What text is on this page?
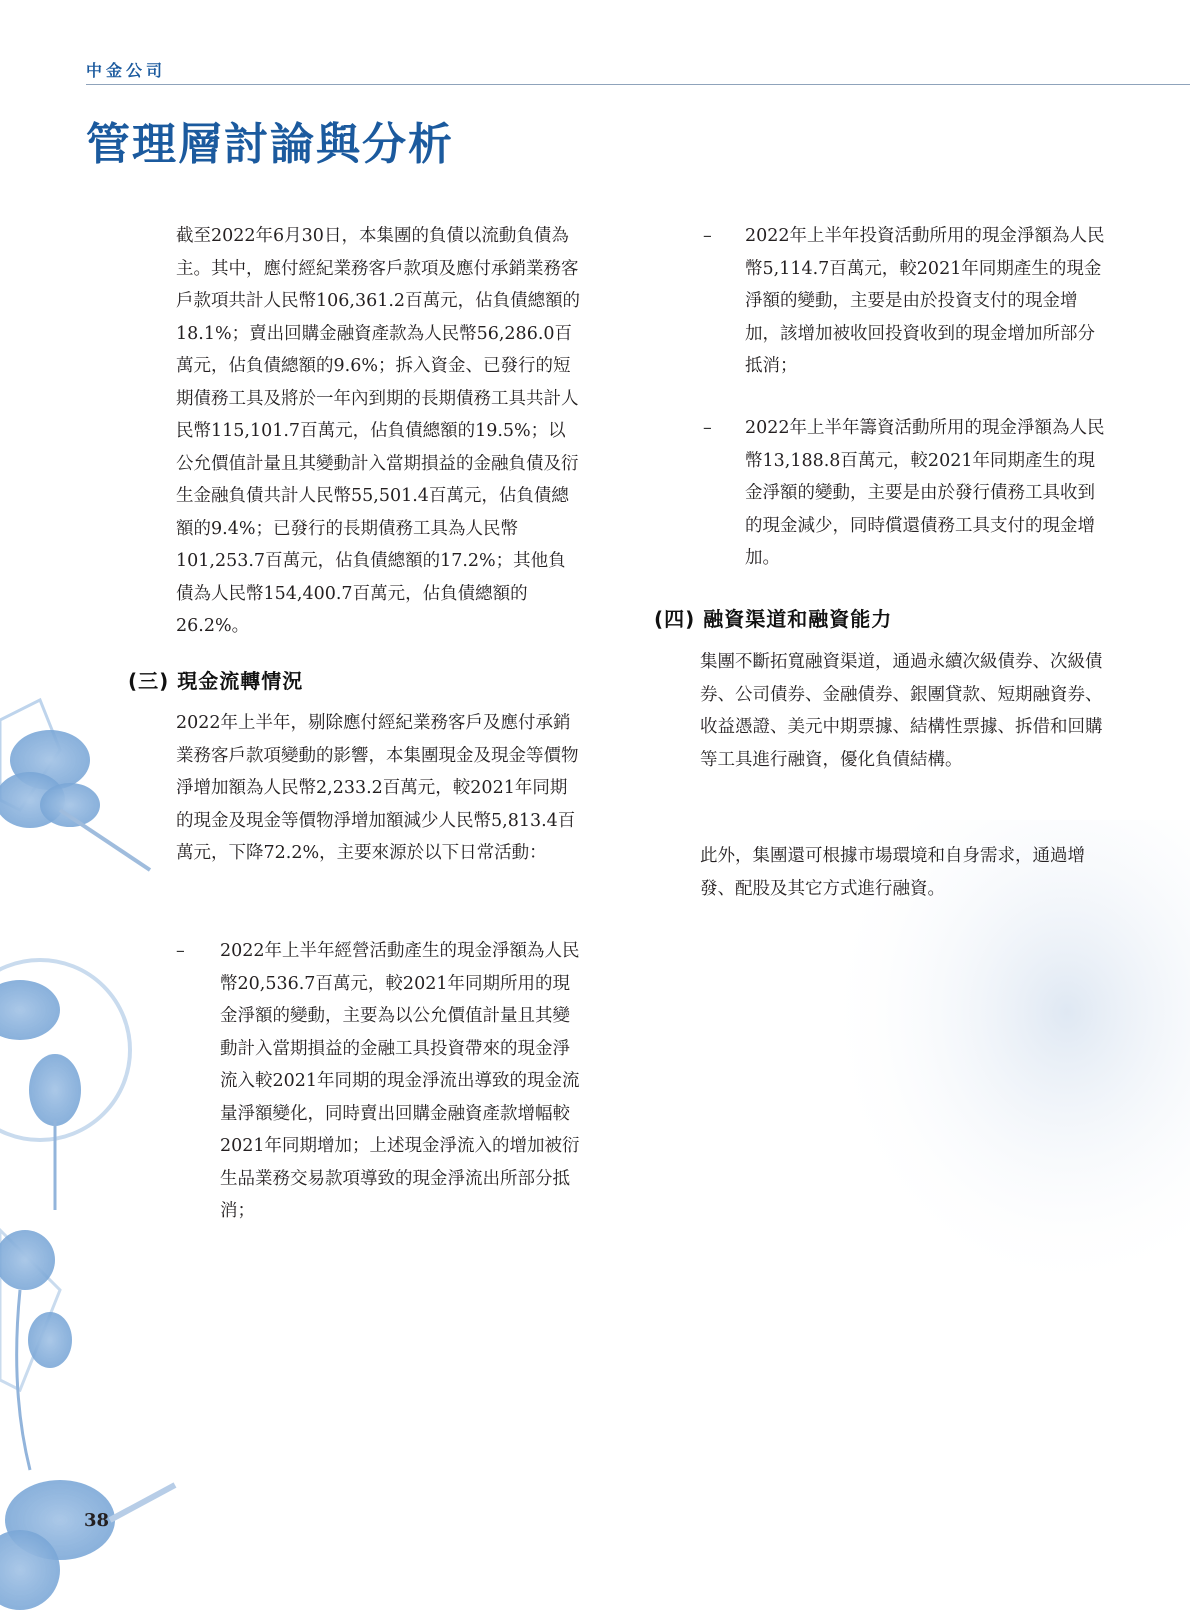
中金公司
管理層討論與分析

截至2022年6月30日，本集團的負債以流動負債為主。其中，應付經紀業務客戶款項及應付承銷業務客戶款項共計人民幣106,361.2百萬元，佔負債總額的18.1%；賣出回購金融資產款為人民幣56,286.0百萬元，佔負債總額的9.6%；拆入資金、已發行的短期債務工具及將於一年內到期的長期債務工具共計人民幣115,101.7百萬元，佔負債總額的19.5%；以公允價值計量且其變動計入當期損益的金融負債及衍生金融負債共計人民幣55,501.4百萬元，佔負債總額的9.4%；已發行的長期債務工具為人民幣101,253.7百萬元，佔負債總額的17.2%；其他負債為人民幣154,400.7百萬元，佔負債總額的26.2%。

(三) 現金流轉情況

2022年上半年，剔除應付經紀業務客戶及應付承銷業務客戶款項變動的影響，本集團現金及現金等價物淨增加額為人民幣2,233.2百萬元，較2021年同期的現金及現金等價物淨增加額減少人民幣5,813.4百萬元，下降72.2%，主要來源於以下日常活動：

– 2022年上半年經營活動產生的現金淨額為人民幣20,536.7百萬元，較2021年同期所用的現金淨額的變動，主要為以公允價值計量且其變動計入當期損益的金融工具投資帶來的現金淨流入較2021年同期的現金淨流出導致的現金流量淨額變化，同時賣出回購金融資產款增幅較2021年同期增加；上述現金淨流入的增加被衍生品業務交易款項導致的現金淨流出所部分抵消；
– 2022年上半年投資活動所用的現金淨額為人民幣5,114.7百萬元，較2021年同期產生的現金淨額的變動，主要是由於投資支付的現金增加，該增加被收回投資收到的現金增加所部分抵消；
– 2022年上半年籌資活動所用的現金淨額為人民幣13,188.8百萬元，較2021年同期產生的現金淨額的變動，主要是由於發行債務工具收到的現金減少，同時償還債務工具支付的現金增加。
(四) 融資渠道和融資能力

集團不斷拓寬融資渠道，通過永續次級債券、次級債券、公司債券、金融債券、銀團貸款、短期融資券、收益憑證、美元中期票據、結構性票據、拆借和回購等工具進行融資，優化負債結構。

此外，集團還可根據市場環境和自身需求，通過增發、配股及其它方式進行融資。

38
